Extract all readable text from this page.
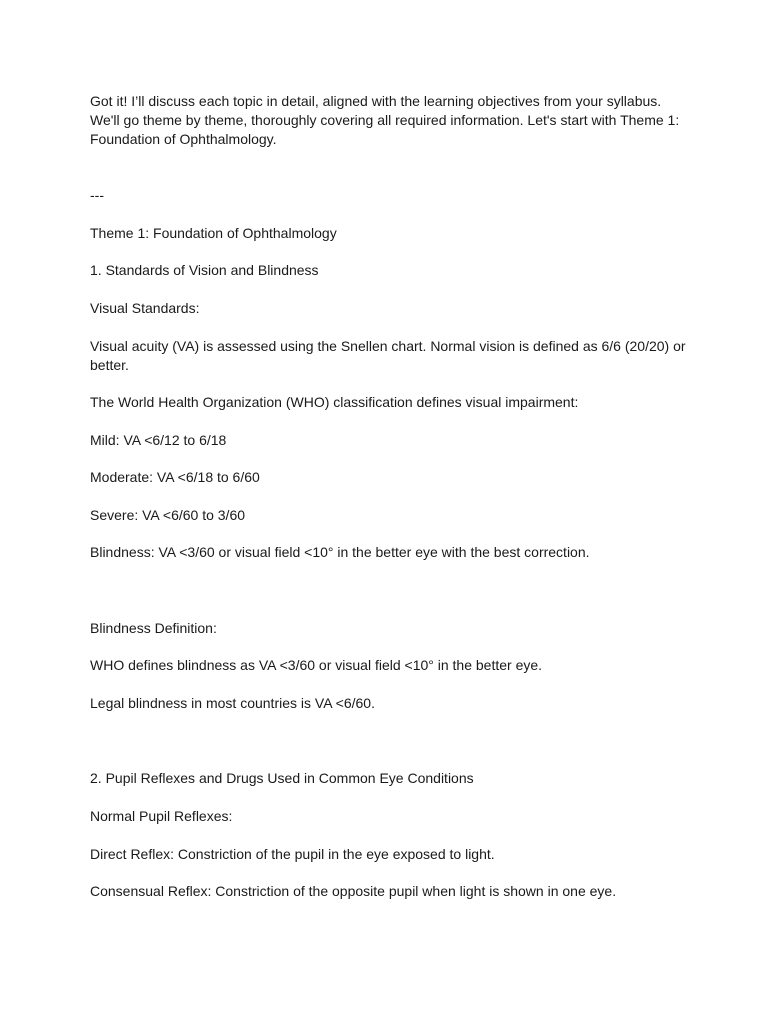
Got it! I’ll discuss each topic in detail, aligned with the learning objectives from your syllabus. We'll go theme by theme, thoroughly covering all required information. Let's start with Theme 1: Foundation of Ophthalmology.

---

Theme 1: Foundation of Ophthalmology

1. Standards of Vision and Blindness

Visual Standards:

Visual acuity (VA) is assessed using the Snellen chart. Normal vision is defined as 6/6 (20/20) or better.

The World Health Organization (WHO) classification defines visual impairment:

Mild: VA <6/12 to 6/18

Moderate: VA <6/18 to 6/60

Severe: VA <6/60 to 3/60

Blindness: VA <3/60 or visual field <10° in the better eye with the best correction.

Blindness Definition:

WHO defines blindness as VA <3/60 or visual field <10° in the better eye.

Legal blindness in most countries is VA <6/60.

2. Pupil Reflexes and Drugs Used in Common Eye Conditions

Normal Pupil Reflexes:

Direct Reflex: Constriction of the pupil in the eye exposed to light.

Consensual Reflex: Constriction of the opposite pupil when light is shown in one eye.
